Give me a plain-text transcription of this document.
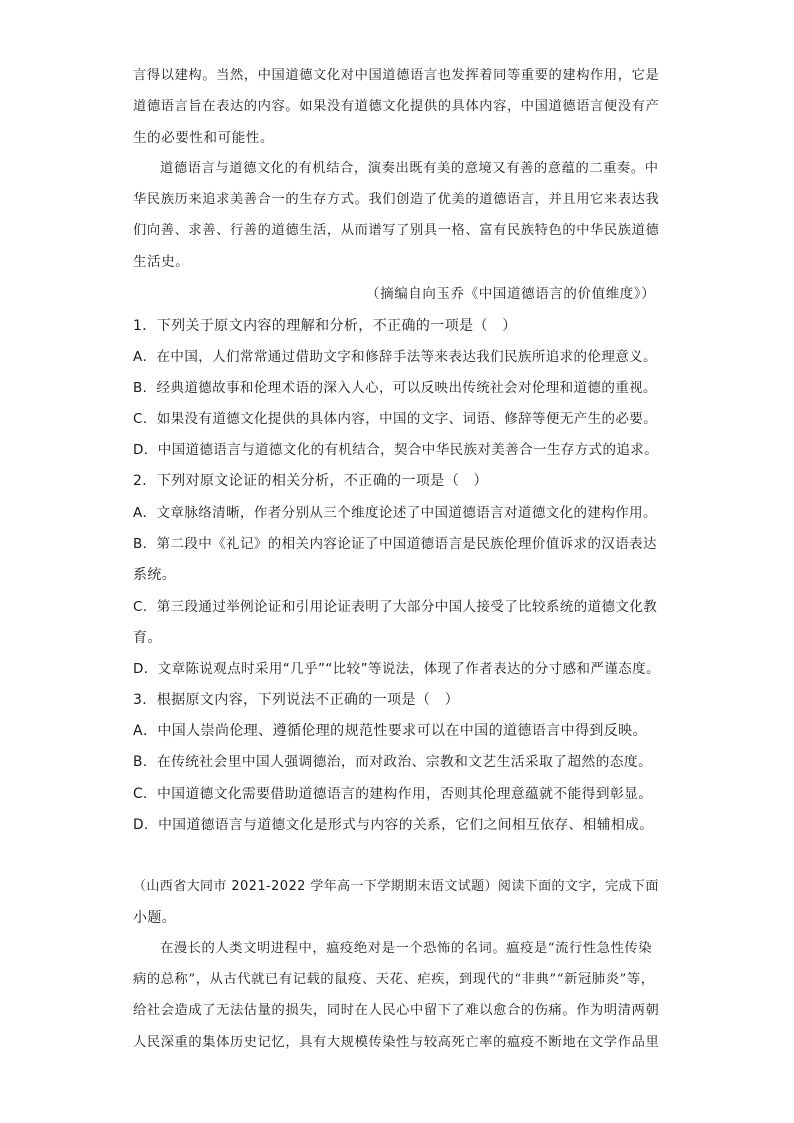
言得以建构。当然，中国道德文化对中国道德语言也发挥着同等重要的建构作用，它是
道德语言旨在表达的内容。如果没有道德文化提供的具体内容，中国道德语言便没有产
生的必要性和可能性。
道德语言与道德文化的有机结合，演奏出既有美的意境又有善的意蕴的二重奏。中
华民族历来追求美善合一的生存方式。我们创造了优美的道德语言，并且用它来表达我
们向善、求善、行善的道德生活，从而谱写了别具一格、富有民族特色的中华民族道德
生活史。
（摘编自向玉乔《中国道德语言的价值维度》）
1．下列关于原文内容的理解和分析，不正确的一项是（　）
A．在中国，人们常常通过借助文字和修辞手法等来表达我们民族所追求的伦理意义。
B．经典道德故事和伦理术语的深入人心，可以反映出传统社会对伦理和道德的重视。
C．如果没有道德文化提供的具体内容，中国的文字、词语、修辞等便无产生的必要。
D．中国道德语言与道德文化的有机结合，契合中华民族对美善合一生存方式的追求。
2．下列对原文论证的相关分析，不正确的一项是（　）
A．文章脉络清晰，作者分别从三个维度论述了中国道德语言对道德文化的建构作用。
B．第二段中《礼记》的相关内容论证了中国道德语言是民族伦理价值诉求的汉语表达
系统。
C．第三段通过举例论证和引用论证表明了大部分中国人接受了比较系统的道德文化教
育。
D．文章陈说观点时采用“几乎”“比较”等说法，体现了作者表达的分寸感和严谨态度。
3．根据原文内容，下列说法不正确的一项是（　）
A．中国人崇尚伦理、遵循伦理的规范性要求可以在中国的道德语言中得到反映。
B．在传统社会里中国人强调德治，而对政治、宗教和文艺生活采取了超然的态度。
C．中国道德文化需要借助道德语言的建构作用，否则其伦理意蕴就不能得到彰显。
D．中国道德语言与道德文化是形式与内容的关系，它们之间相互依存、相辅相成。
（山西省大同市 2021-2022 学年高一下学期期末语文试题）阅读下面的文字，完成下面
小题。
在漫长的人类文明进程中，瘟疫绝对是一个恐怖的名词。瘟疫是“流行性急性传染
病的总称”，从古代就已有记载的鼠疫、天花、疟疾，到现代的“非典”“新冠肺炎”等，
给社会造成了无法估量的损失，同时在人民心中留下了难以愈合的伤痛。作为明清两朝
人民深重的集体历史记忆，具有大规模传染性与较高死亡率的瘟疫不断地在文学作品里
